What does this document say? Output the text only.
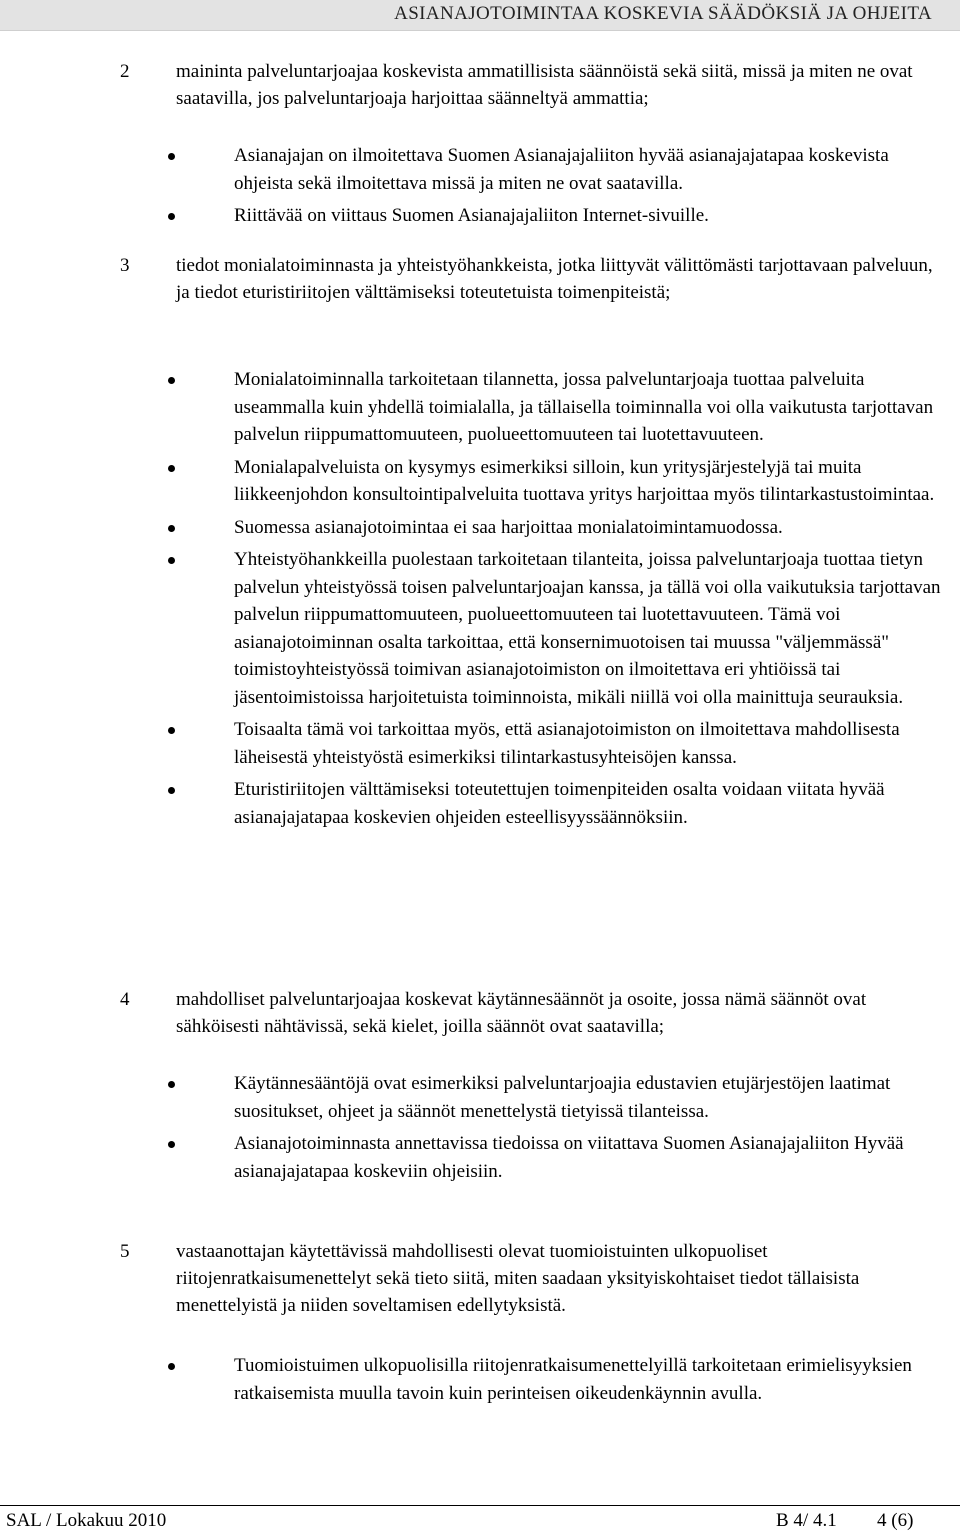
ASIANAJOTOIMINTAA KOSKEVIA SÄÄDÖKSIÄ JA OHJEITA
2 maininta palveluntarjoajaa koskevista ammatillisista säännöistä sekä siitä, missä ja miten ne ovat saatavilla, jos palveluntarjoaja harjoittaa säänneltyä ammattia;
Asianajajan on ilmoitettava Suomen Asianajajaliiton hyvää asianajajatapaa koskevista ohjeista sekä ilmoitettava missä ja miten ne ovat saatavilla.
Riittävää on viittaus Suomen Asianajajaliiton Internet-sivuille.
3 tiedot monialatoiminnasta ja yhteistyöhankkeista, jotka liittyvät välittömästi tarjottavaan palveluun, ja tiedot eturistiriitojen välttämiseksi toteutetuista toimenpiteistä;
Monialatoiminnalla tarkoitetaan tilannetta, jossa palveluntarjoaja tuottaa palveluita useammalla kuin yhdellä toimialalla, ja tällaisella toiminnalla voi olla vaikutusta tarjottavan palvelun riippumattomuuteen, puolueettomuuteen tai luotettavuuteen.
Monialapalveluista on kysymys esimerkiksi silloin, kun yritysjärjestelyjä tai muita liikkeenjohdon konsultointipalveluita tuottava yritys harjoittaa myös tilintarkastustoimintaa.
Suomessa asianajotoimintaa ei saa harjoittaa monialatoimintamuodossa.
Yhteistyöhankkeilla puolestaan tarkoitetaan tilanteita, joissa palveluntarjoaja tuottaa tietyn palvelun yhteistyössä toisen palveluntarjoajan kanssa, ja tällä voi olla vaikutuksia tarjottavan palvelun riippumattomuuteen, puolueettomuuteen tai luotettavuuteen. Tämä voi asianajotoiminnan osalta tarkoittaa, että konsernimuotoisen tai muussa "väljemmässä" toimistoyhteistyössä toimivan asianajotoimiston on ilmoitettava eri yhtiöissä tai jäsentoimistoissa harjoitetuista toiminnoista, mikäli niillä voi olla mainittuja seurauksia.
Toisaalta tämä voi tarkoittaa myös, että asianajotoimiston on ilmoitettava mahdollisesta läheisestä yhteistyöstä esimerkiksi tilintarkastusyhteisöjen kanssa.
Eturistiriitojen välttämiseksi toteutettujen toimenpiteiden osalta voidaan viitata hyvää asianajajatapaa koskevien ohjeiden esteellisyyssäännöksiin.
4 mahdolliset palveluntarjoajaa koskevat käytännesäännöt ja osoite, jossa nämä säännöt ovat sähköisesti nähtävissä, sekä kielet, joilla säännöt ovat saatavilla;
Käytännesääntöjä ovat esimerkiksi palveluntarjoajia edustavien etujärjestöjen laatimat suositukset, ohjeet ja säännöt menettelystä tietyissä tilanteissa.
Asianajotoiminnasta annettavissa tiedoissa on viitattava Suomen Asianajajaliiton Hyvää asianajajatapaa koskeviin ohjeisiin.
5 vastaanottajan käytettävissä mahdollisesti olevat tuomioistuinten ulkopuoliset riitojenratkaisumenettelyt sekä tieto siitä, miten saadaan yksityiskohtaiset tiedot tällaisista menettelyistä ja niiden soveltamisen edellytyksistä.
Tuomioistuimen ulkopuolisilla riitojenratkaisumenettelyillä tarkoitetaan erimielisyyksien ratkaisemista muulla tavoin kuin perinteisen oikeudenkäynnin avulla.
SAL / Lokakuu 2010	B 4/ 4.1 4 (6)
